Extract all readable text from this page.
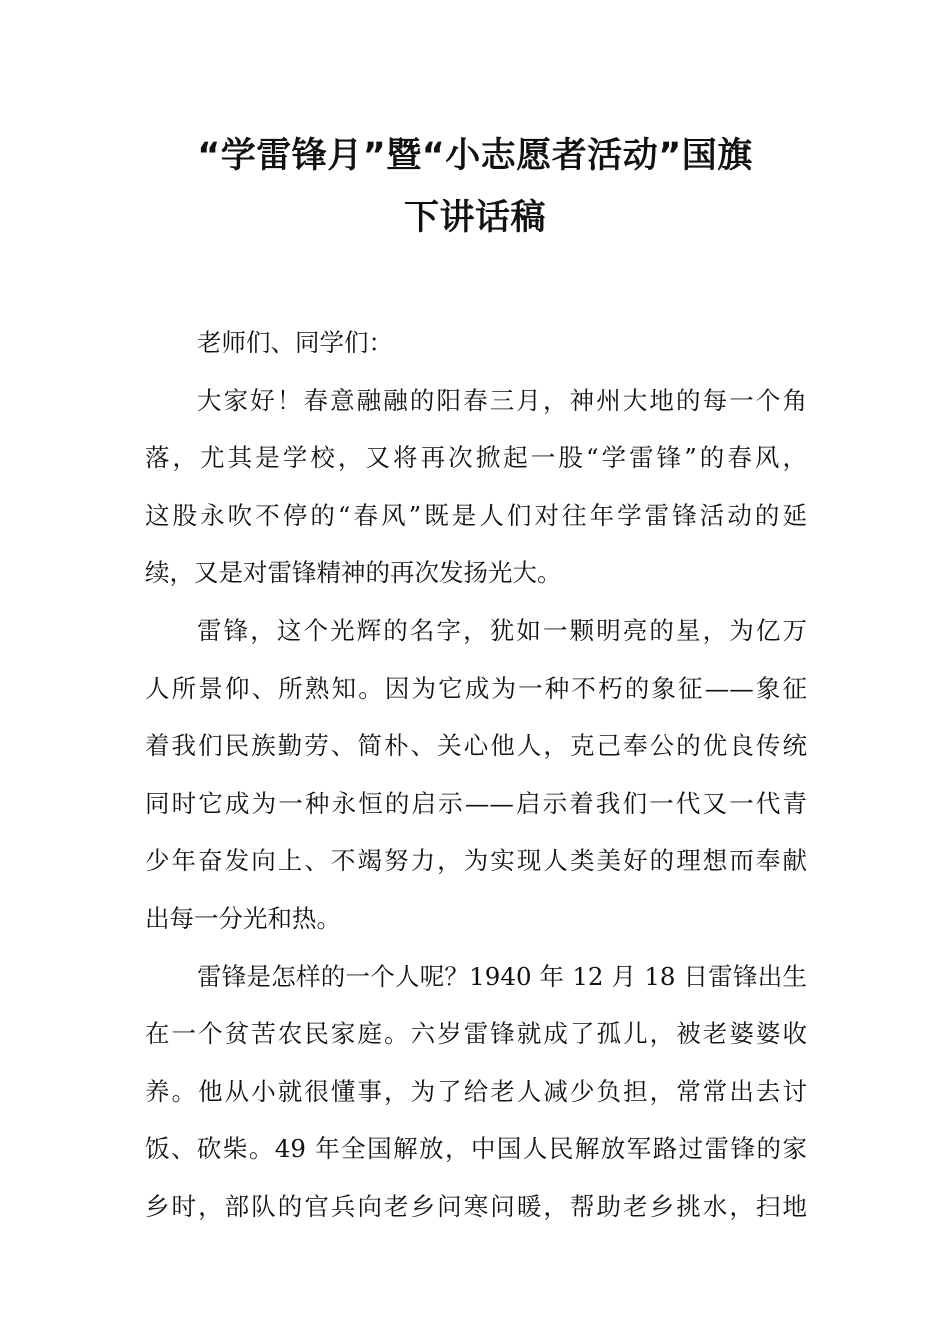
“学雷锋月”暨“小志愿者活动”国旗
下讲话稿

老师们、同学们：

大家好！春意融融的阳春三月，神州大地的每一个角
落，尤其是学校，又将再次掀起一股“学雷锋”的春风，
这股永吹不停的“春风”既是人们对往年学雷锋活动的延
续，又是对雷锋精神的再次发扬光大。

雷锋，这个光辉的名字，犹如一颗明亮的星，为亿万
人所景仰、所熟知。因为它成为一种不朽的象征——象征
着我们民族勤劳、简朴、关心他人，克己奉公的优良传统
同时它成为一种永恒的启示——启示着我们一代又一代青
少年奋发向上、不竭努力，为实现人类美好的理想而奉献
出每一分光和热。

雷锋是怎样的一个人呢？1940 年 12 月 18 日雷锋出生
在一个贫苦农民家庭。六岁雷锋就成了孤儿，被老婆婆收
养。他从小就很懂事，为了给老人减少负担，常常出去讨
饭、砍柴。49 年全国解放，中国人民解放军路过雷锋的家
乡时，部队的官兵向老乡问寒问暖，帮助老乡挑水，扫地
